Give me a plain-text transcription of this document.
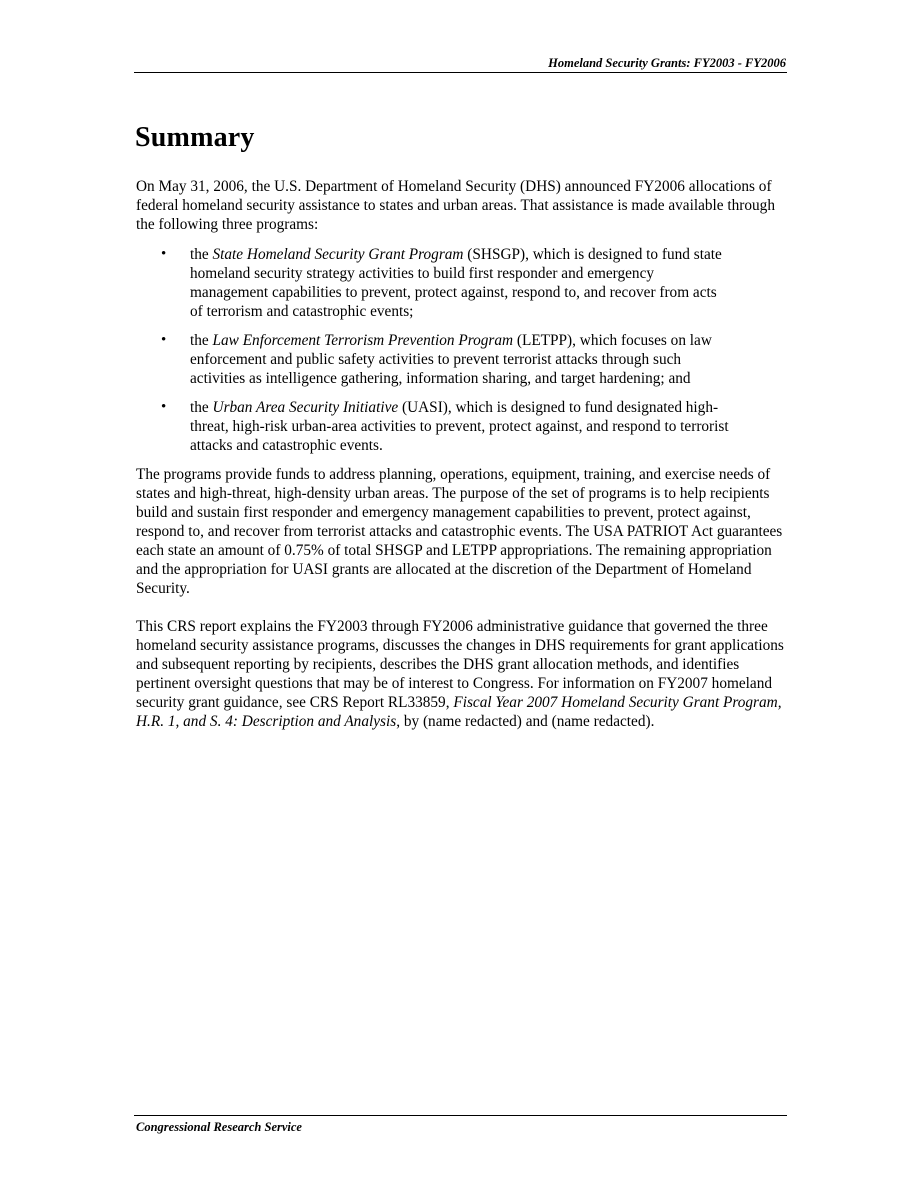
Homeland Security Grants: FY2003 - FY2006
Summary

On May 31, 2006, the U.S. Department of Homeland Security (DHS) announced FY2006 allocations of federal homeland security assistance to states and urban areas. That assistance is made available through the following three programs:

• the State Homeland Security Grant Program (SHSGP), which is designed to fund state homeland security strategy activities to build first responder and emergency management capabilities to prevent, protect against, respond to, and recover from acts of terrorism and catastrophic events;
• the Law Enforcement Terrorism Prevention Program (LETPP), which focuses on law enforcement and public safety activities to prevent terrorist attacks through such activities as intelligence gathering, information sharing, and target hardening; and
• the Urban Area Security Initiative (UASI), which is designed to fund designated high-threat, high-risk urban-area activities to prevent, protect against, and respond to terrorist attacks and catastrophic events.

The programs provide funds to address planning, operations, equipment, training, and exercise needs of states and high-threat, high-density urban areas. The purpose of the set of programs is to help recipients build and sustain first responder and emergency management capabilities to prevent, protect against, respond to, and recover from terrorist attacks and catastrophic events. The USA PATRIOT Act guarantees each state an amount of 0.75% of total SHSGP and LETPP appropriations. The remaining appropriation and the appropriation for UASI grants are allocated at the discretion of the Department of Homeland Security.

This CRS report explains the FY2003 through FY2006 administrative guidance that governed the three homeland security assistance programs, discusses the changes in DHS requirements for grant applications and subsequent reporting by recipients, describes the DHS grant allocation methods, and identifies pertinent oversight questions that may be of interest to Congress. For information on FY2007 homeland security grant guidance, see CRS Report RL33859, Fiscal Year 2007 Homeland Security Grant Program, H.R. 1, and S. 4: Description and Analysis, by (name redacted) and (name redacted).

Congressional Research Service
